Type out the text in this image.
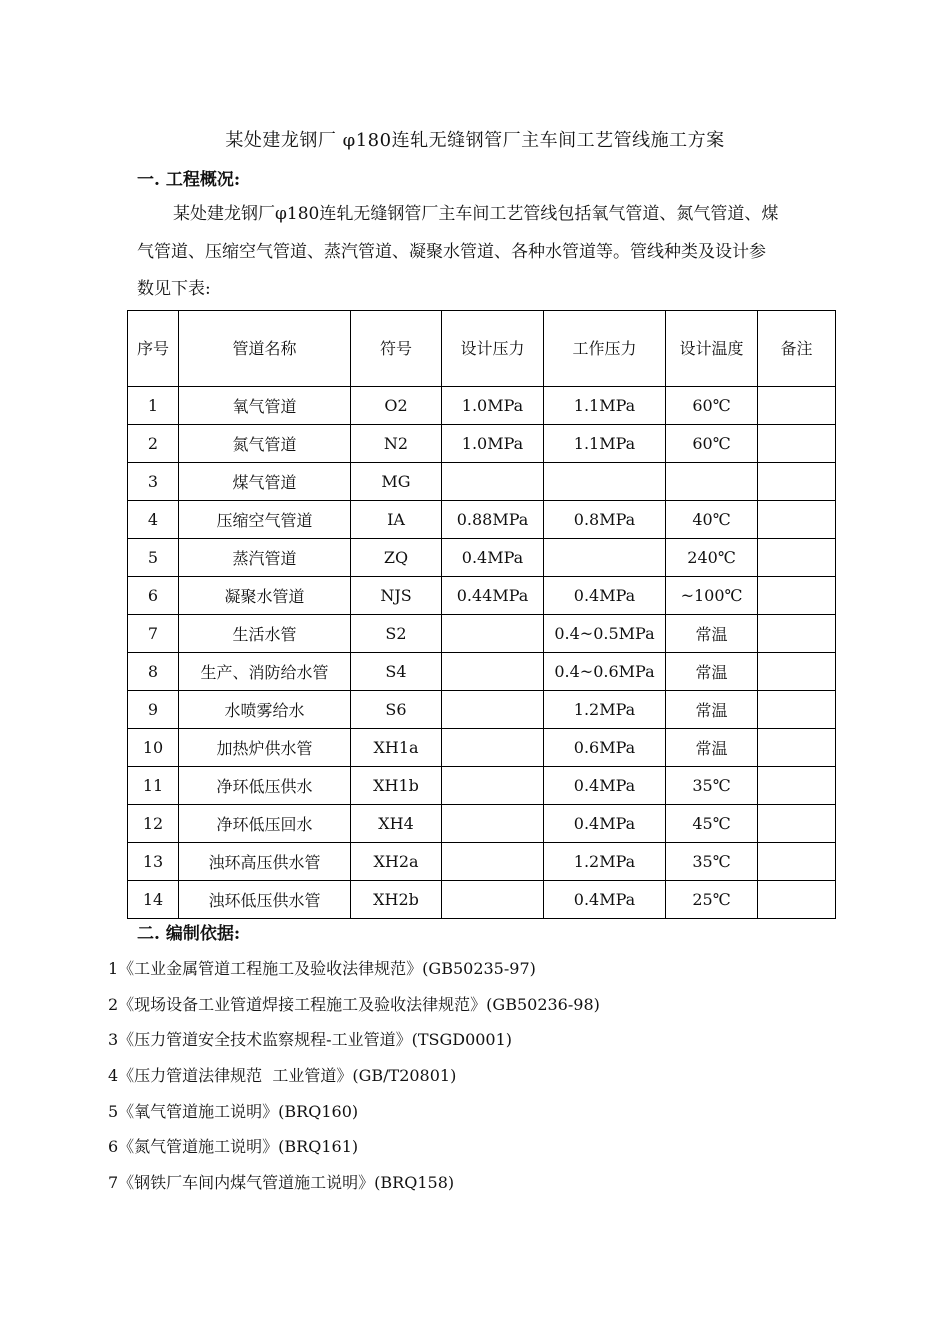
某处建龙钢厂 φ180连轧无缝钢管厂主车间工艺管线施工方案
一. 工程概况:
某处建龙钢厂φ180连轧无缝钢管厂主车间工艺管线包括氧气管道、氮气管道、煤
气管道、压缩空气管道、蒸汽管道、凝聚水管道、各种水管道等。管线种类及设计参
数见下表:
序号	管道名称	符号	设计压力	工作压力	设计温度	备注
1	氧气管道	O2	1.0MPa	1.1MPa	60℃	
2	氮气管道	N2	1.0MPa	1.1MPa	60℃	
3	煤气管道	MG				
4	压缩空气管道	IA	0.88MPa	0.8MPa	40℃	
5	蒸汽管道	ZQ	0.4MPa		240℃	
6	凝聚水管道	NJS	0.44MPa	0.4MPa	~100℃	
7	生活水管	S2		0.4~0.5MPa	常温	
8	生产、消防给水管	S4		0.4~0.6MPa	常温	
9	水喷雾给水	S6		1.2MPa	常温	
10	加热炉供水管	XH1a		0.6MPa	常温	
11	净环低压供水	XH1b		0.4MPa	35℃	
12	净环低压回水	XH4		0.4MPa	45℃	
13	浊环高压供水管	XH2a		1.2MPa	35℃	
14	浊环低压供水管	XH2b		0.4MPa	25℃	
二. 编制依据:
1《工业金属管道工程施工及验收法律规范》(GB50235-97)
2《现场设备工业管道焊接工程施工及验收法律规范》(GB50236-98)
3《压力管道安全技术监察规程-工业管道》(TSGD0001)
4《压力管道法律规范  工业管道》(GB/T20801)
5《氧气管道施工说明》(BRQ160)
6《氮气管道施工说明》(BRQ161)
7《钢铁厂车间内煤气管道施工说明》(BRQ158)
